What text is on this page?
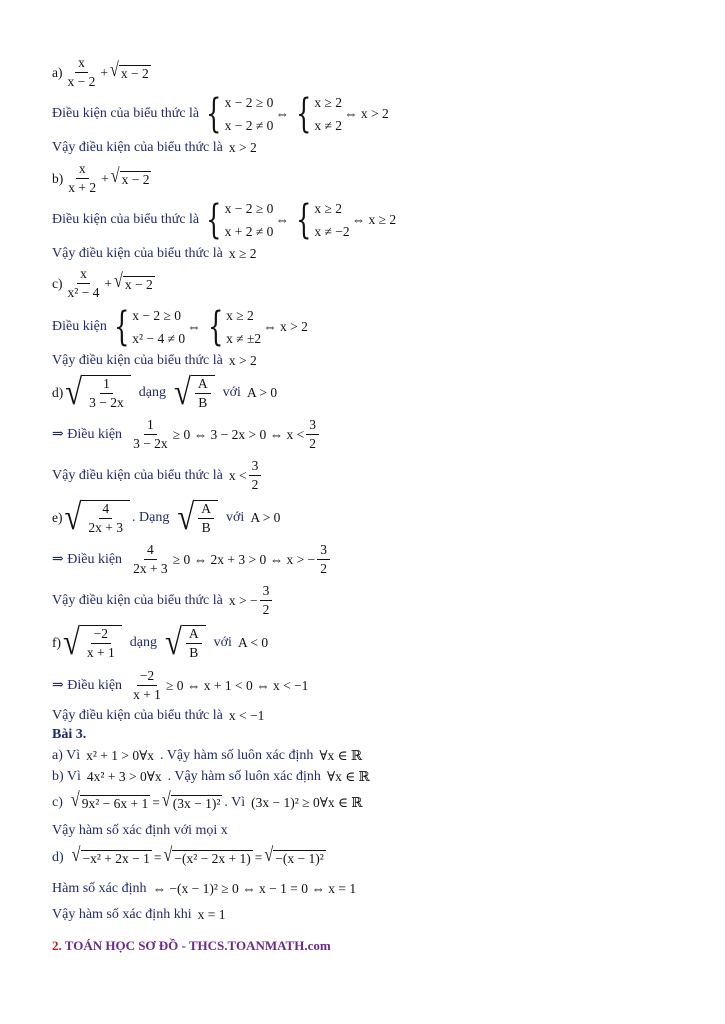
$a) \frac{x}{x - 2}$ + √ x − 2
Điều kiện của biểu thức là { x − 2 ≥ 0
x − 2 ≠ 0
⇔ { x ≥ 2
x ≠ 2
⇔ x > 2
Vậy điều kiện của biểu thức là x > 2
$b) \frac{x}{x + 2}$ + √ x − 2
Điều kiện của biểu thức là { x − 2 ≥ 0
x + 2 ≠ 0
⇔ { x ≥ 2
x ≠ −2
⇔ x ≥ 2
Vậy điều kiện của biểu thức là x ≥ 2
$c) \frac{x}{\text{x² − 4}}$ + √ x − 2
Điều kiện { x − 2 ≥ 0
x² − 4 ≠ 0
⇔ { x ≥ 2
x ≠ ±2
⇔ x > 2
Vậy điều kiện của biểu thức là x > 2
d) √ $\frac{1}{3 - 2x}$ dạng √ $\frac{A}{B}$ với A > 0
⇒ Điều kiện $\frac{1}{3 - 2x} \ge 0$ ⇔ 3 − 2x > 0 ⇔ $x < \frac{3}{2}$
Vậy điều kiện của biểu thức là $x < \frac{3}{2}$
e) √ $\frac{4}{2x + 3}$ . Dạng √ $\frac{A}{B}$ với A > 0
⇒ Điều kiện $\frac{4}{2x + 3} \ge 0$ ⇔ 2x + 3 > 0 ⇔ x > − $\frac{3}{2}$
Vậy điều kiện của biểu thức là x > − $\frac{3}{2}$
f) √ $\frac{-2}{x + 1}$ dạng √ $\frac{A}{B}$ với A < 0
⇒ Điều kiện $\frac{-2}{x + 1} \ge 0$ ⇔ x + 1 < 0 ⇔ x < −1
Vậy điều kiện của biểu thức là x < −1
Bài 3.
a) Vì x² + 1 > 0∀x . Vậy hàm số luôn xác định ∀x ∈ ℝ
b) Vì 4x² + 3 > 0∀x . Vậy hàm số luôn xác định ∀x ∈ ℝ
c) √ 9x² − 6x + 1 = √ (3x − 1)² . Vì (3x − 1)² ≥ 0∀x ∈ ℝ
Vậy hàm số xác định với mọi x
d) √ −x² + 2x − 1 = √ −(x² − 2x + 1) = √ −(x − 1)²
Hàm số xác định ⇔ −(x − 1)² ≥ 0 ⇔ x − 1 = 0 ⇔ x = 1
Vậy hàm số xác định khi x = 1
2. TOÁN HỌC SƠ ĐỒ - THCS.TOANMATH.com
